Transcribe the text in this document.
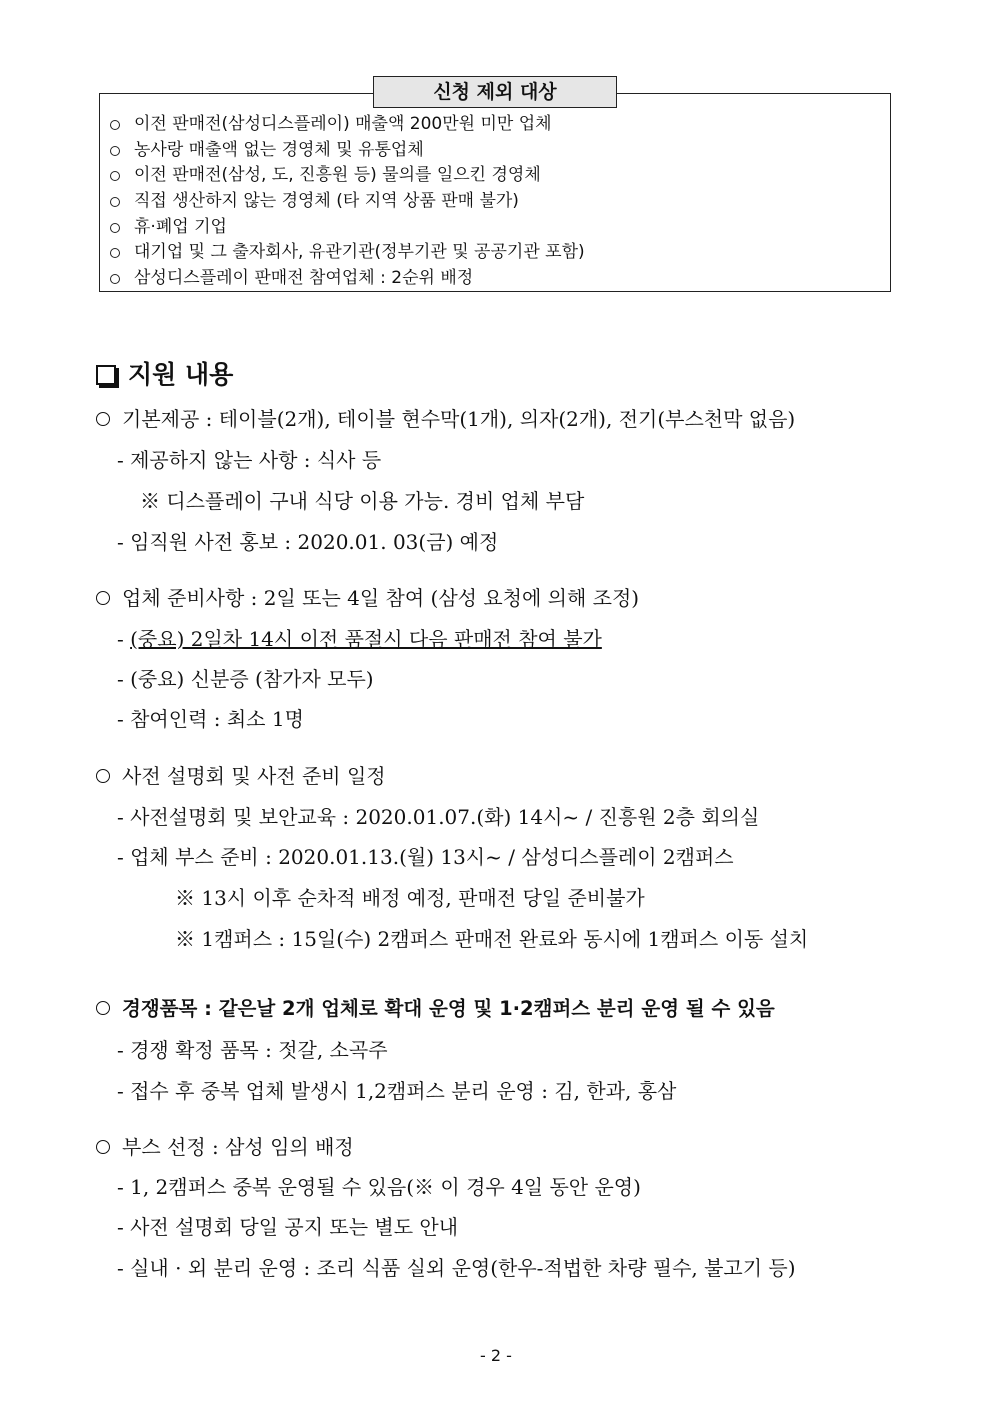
신청 제외 대상
이전 판매전(삼성디스플레이) 매출액 200만원 미만 업체
농사랑 매출액 없는 경영체 및 유통업체
이전 판매전(삼성, 도, 진흥원 등) 물의를 일으킨 경영체
직접 생산하지 않는 경영체 (타 지역 상품 판매 불가)
휴·폐업 기업
대기업 및 그 출자회사, 유관기관(정부기관 및 공공기관 포함)
삼성디스플레이 판매전 참여업체 : 2순위 배정
지원 내용
기본제공 : 테이블(2개), 테이블 현수막(1개), 의자(2개), 전기(부스천막 없음)
- 제공하지 않는 사항 : 식사 등
※ 디스플레이 구내 식당 이용 가능. 경비 업체 부담
- 임직원 사전 홍보 : 2020.01. 03(금) 예정
업체 준비사항 : 2일 또는 4일 참여 (삼성 요청에 의해 조정)
- (중요) 2일차 14시 이전 품절시 다음 판매전 참여 불가
- (중요) 신분증 (참가자 모두)
- 참여인력 : 최소 1명
사전 설명회 및 사전 준비 일정
- 사전설명회 및 보안교육 : 2020.01.07.(화) 14시~ / 진흥원 2층 회의실
- 업체 부스 준비 : 2020.01.13.(월) 13시~ / 삼성디스플레이 2캠퍼스
※ 13시 이후 순차적 배정 예정, 판매전 당일 준비불가
※ 1캠퍼스 : 15일(수) 2캠퍼스 판매전 완료와 동시에 1캠퍼스 이동 설치
경쟁품목 : 같은날 2개 업체로 확대 운영 및 1·2캠퍼스 분리 운영 될 수 있음
- 경쟁 확정 품목 : 젓갈, 소곡주
- 접수 후 중복 업체 발생시 1,2캠퍼스 분리 운영 : 김, 한과, 홍삼
부스 선정 : 삼성 임의 배정
- 1, 2캠퍼스 중복 운영될 수 있음(※ 이 경우 4일 동안 운영)
- 사전 설명회 당일 공지 또는 별도 안내
- 실내 · 외 분리 운영 : 조리 식품 실외 운영(한우-적법한 차량 필수, 불고기 등)
- 2 -
